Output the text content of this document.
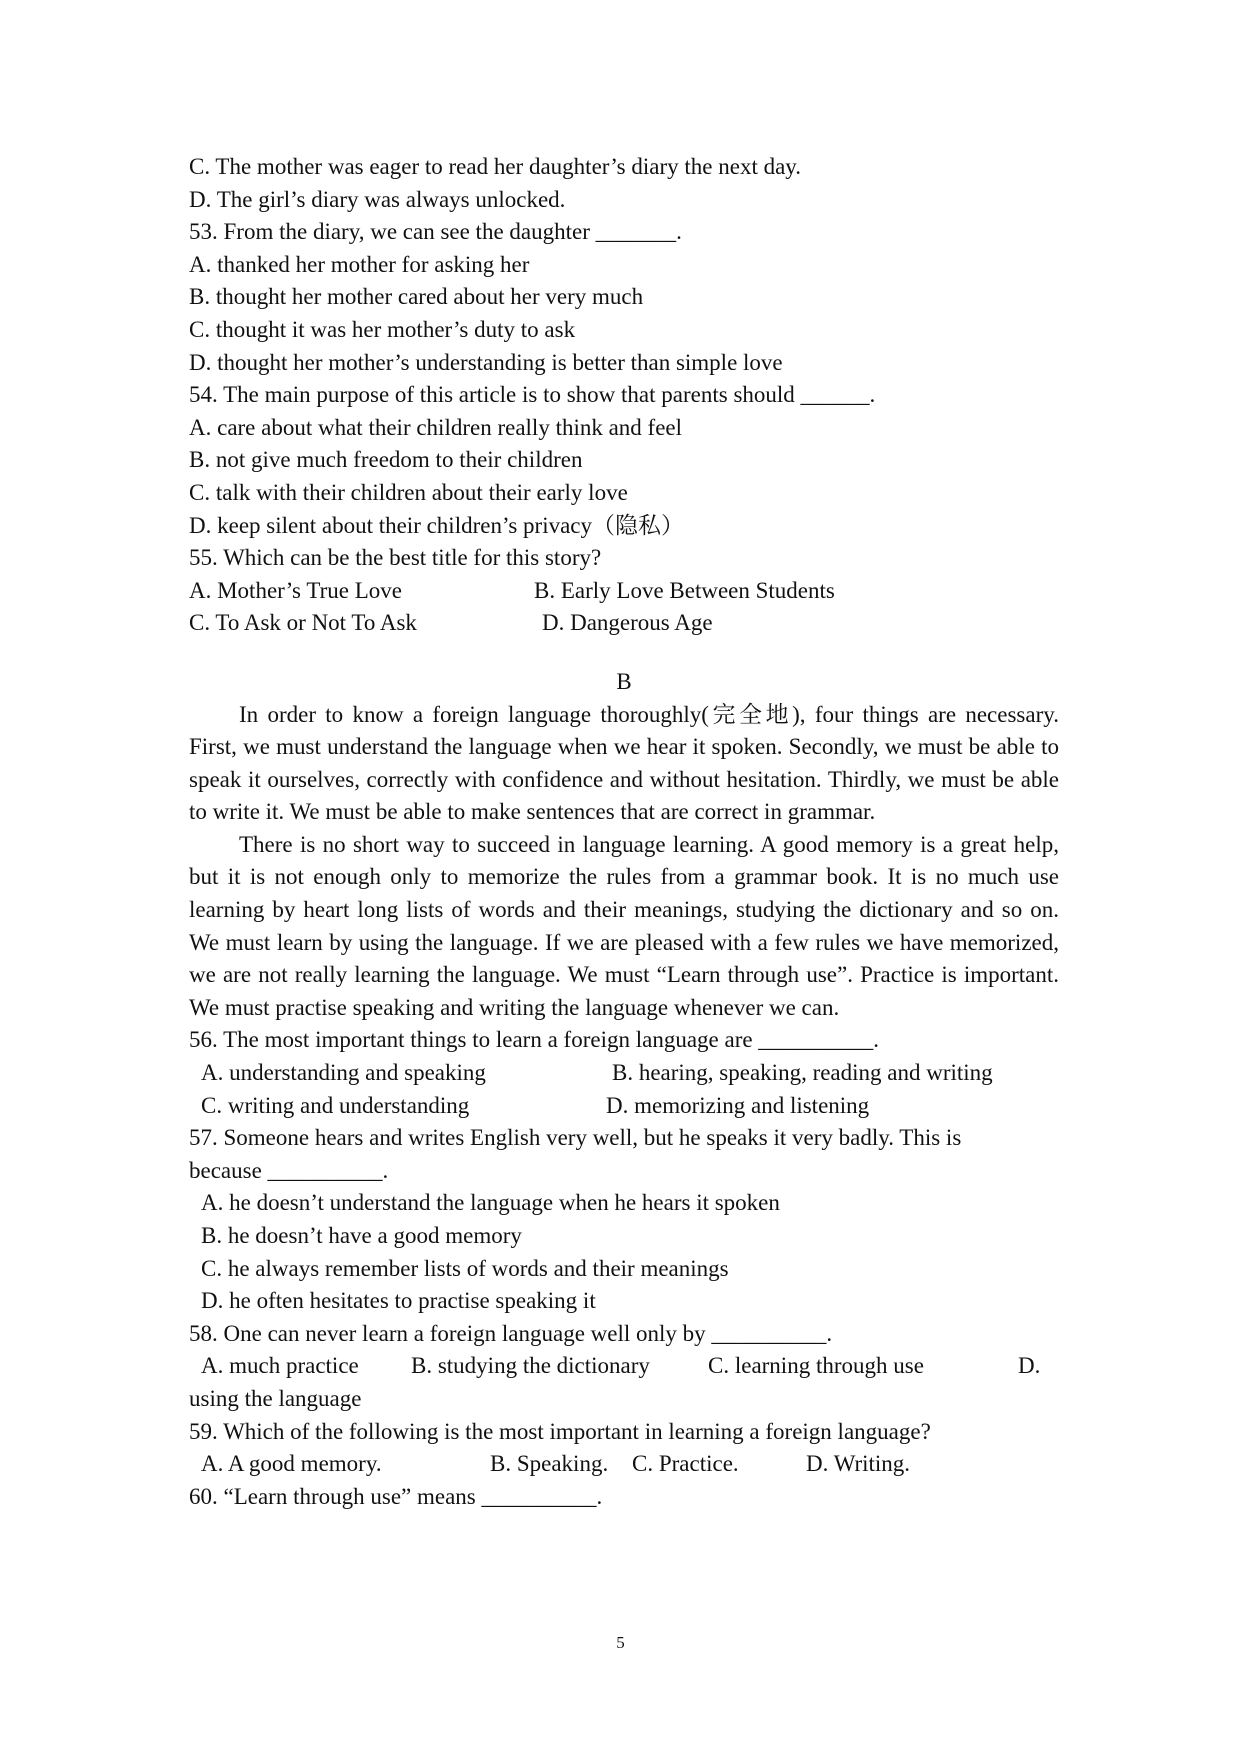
C. The mother was eager to read her daughter’s diary the next day.
D. The girl’s diary was always unlocked.
53. From the diary, we can see the daughter _______.
A. thanked her mother for asking her
B. thought her mother cared about her very much
C. thought it was her mother’s duty to ask
D. thought her mother’s understanding is better than simple love
54. The main purpose of this article is to show that parents should ______.
A. care about what their children really think and feel
B. not give much freedom to their children
C. talk with their children about their early love
D. keep silent about their children’s privacy（隐私）
55. Which can be the best title for this story?
A. Mother’s True Love	B. Early Love Between Students
C. To Ask or Not To Ask	D. Dangerous Age
B
In order to know a foreign language thoroughly(完全地), four things are necessary. First, we must understand the language when we hear it spoken. Secondly, we must be able to speak it ourselves, correctly with confidence and without hesitation. Thirdly, we must be able to write it. We must be able to make sentences that are correct in grammar.
There is no short way to succeed in language learning. A good memory is a great help, but it is not enough only to memorize the rules from a grammar book. It is no much use learning by heart long lists of words and their meanings, studying the dictionary and so on. We must learn by using the language. If we are pleased with a few rules we have memorized, we are not really learning the language. We must “Learn through use”. Practice is important. We must practise speaking and writing the language whenever we can.
56. The most important things to learn a foreign language are __________.
A. understanding and speaking	B. hearing, speaking, reading and writing
C. writing and understanding	D. memorizing and listening
57. Someone hears and writes English very well, but he speaks it very badly. This is
because __________.
A. he doesn’t understand the language when he hears it spoken
B. he doesn’t have a good memory
C. he always remember lists of words and their meanings
D. he often hesitates to practise speaking it
58. One can never learn a foreign language well only by __________.
A. much practice	B. studying the dictionary	C. learning through use	D.
using the language
59. Which of the following is the most important in learning a foreign language?
A. A good memory.	B. Speaking.	C. Practice.	D. Writing.
60. “Learn through use” means __________.
5
